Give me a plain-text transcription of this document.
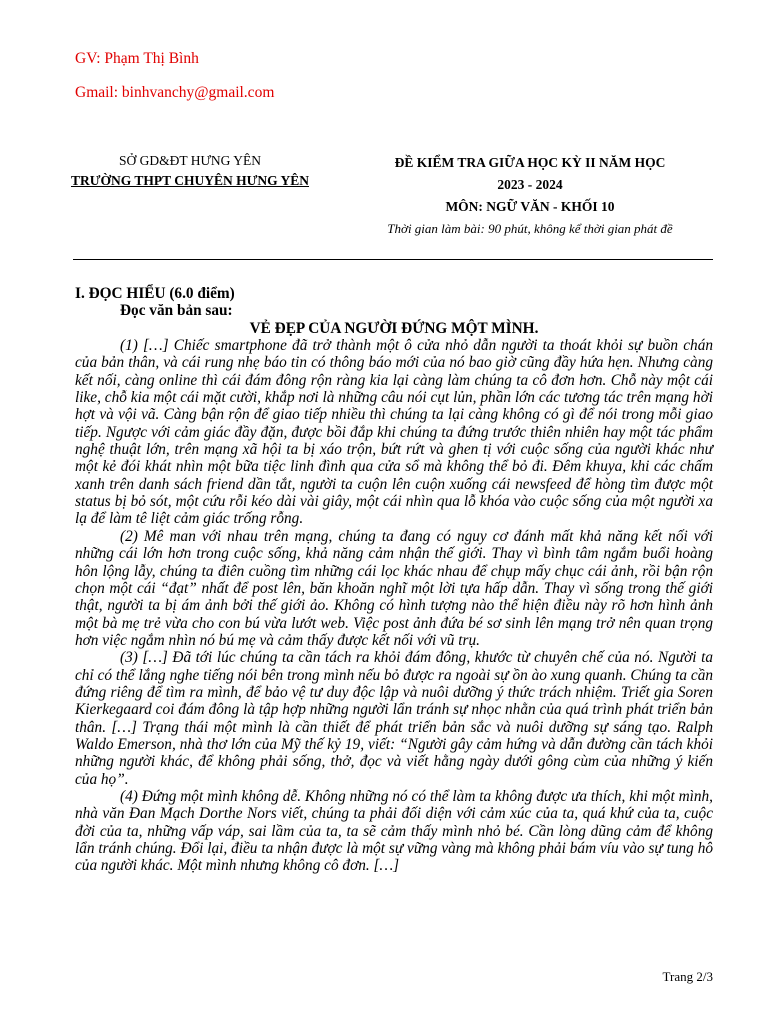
GV: Phạm Thị Bình
Gmail: binhvanchy@gmail.com
SỞ GD&ĐT HƯNG YÊN
TRƯỜNG THPT CHUYÊN HƯNG YÊN
ĐỀ KIỂM TRA GIỮA HỌC KỲ II NĂM HỌC
2023 - 2024
MÔN: NGỮ VĂN - KHỐI 10
Thời gian làm bài: 90 phút, không kể thời gian phát đề
I. ĐỌC HIỂU (6.0 điểm)
Đọc văn bản sau:
VẺ ĐẸP CỦA NGƯỜI ĐỨNG MỘT MÌNH.

(1) […] Chiếc smartphone đã trở thành một ô cửa nhỏ dẫn người ta thoát khỏi sự buồn chán của bản thân, và cái rung nhẹ báo tin có thông báo mới của nó bao giờ cũng đầy hứa hẹn. Nhưng càng kết nối, càng online thì cái đám đông rộn ràng kia lại càng làm chúng ta cô đơn hơn. Chỗ này một cái like, chỗ kia một cái mặt cười, khắp nơi là những câu nói cụt lủn, phần lớn các tương tác trên mạng hời hợt và vội vã. Càng bận rộn để giao tiếp nhiều thì chúng ta lại càng không có gì để nói trong mỗi giao tiếp. Ngược với cảm giác đầy đặn, được bồi đắp khi chúng ta đứng trước thiên nhiên hay một tác phẩm nghệ thuật lớn, trên mạng xã hội ta bị xáo trộn, bứt rứt và ghen tị với cuộc sống của người khác như một kẻ đói khát nhìn một bữa tiệc linh đình qua cửa sổ mà không thể bỏ đi. Đêm khuya, khi các chấm xanh trên danh sách friend dần tắt, người ta cuộn lên cuộn xuống cái newsfeed để hòng tìm được một status bị bỏ sót, một cứu rỗi kéo dài vài giây, một cái nhìn qua lỗ khóa vào cuộc sống của một người xa lạ để làm tê liệt cảm giác trống rỗng.

(2) Mê man với nhau trên mạng, chúng ta đang có nguy cơ đánh mất khả năng kết nối với những cái lớn hơn trong cuộc sống, khả năng cảm nhận thế giới. Thay vì bình tâm ngắm buổi hoàng hôn lộng lẫy, chúng ta điên cuồng tìm những cái lọc khác nhau để chụp mấy chục cái ảnh, rồi bận rộn chọn một cái “đạt” nhất để post lên, băn khoăn nghĩ một lời tựa hấp dẫn. Thay vì sống trong thế giới thật, người ta bị ám ảnh bởi thế giới ảo. Không có hình tượng nào thể hiện điều này rõ hơn hình ảnh một bà mẹ trẻ vừa cho con bú vừa lướt web. Việc post ảnh đứa bé sơ sinh lên mạng trở nên quan trọng hơn việc ngắm nhìn nó bú mẹ và cảm thấy được kết nối với vũ trụ.

(3) […] Đã tới lúc chúng ta cần tách ra khỏi đám đông, khước từ chuyên chế của nó. Người ta chỉ có thể lắng nghe tiếng nói bên trong mình nếu bỏ được ra ngoài sự ồn ào xung quanh. Chúng ta cần đứng riêng để tìm ra mình, để bảo vệ tư duy độc lập và nuôi dưỡng ý thức trách nhiệm. Triết gia Soren Kierkegaard coi đám đông là tập hợp những người lẩn tránh sự nhọc nhằn của quá trình phát triển bản thân. […] Trạng thái một mình là cần thiết để phát triển bản sắc và nuôi dưỡng sự sáng tạo. Ralph Waldo Emerson, nhà thơ lớn của Mỹ thế kỷ 19, viết: “Người gây cảm hứng và dẫn đường cần tách khỏi những người khác, để không phải sống, thở, đọc và viết hằng ngày dưới gông cùm của những ý kiến của họ”.

(4) Đứng một mình không dễ. Không những nó có thể làm ta không được ưa thích, khi một mình, nhà văn Đan Mạch Dorthe Nors viết, chúng ta phải đối diện với cảm xúc của ta, quá khứ của ta, cuộc đời của ta, những vấp váp, sai lầm của ta, ta sẽ cảm thấy mình nhỏ bé. Cần lòng dũng cảm để không lẩn tránh chúng. Đổi lại, điều ta nhận được là một sự vững vàng mà không phải bám víu vào sự tung hô của người khác. Một mình nhưng không cô đơn. […]

Trang 2/3
